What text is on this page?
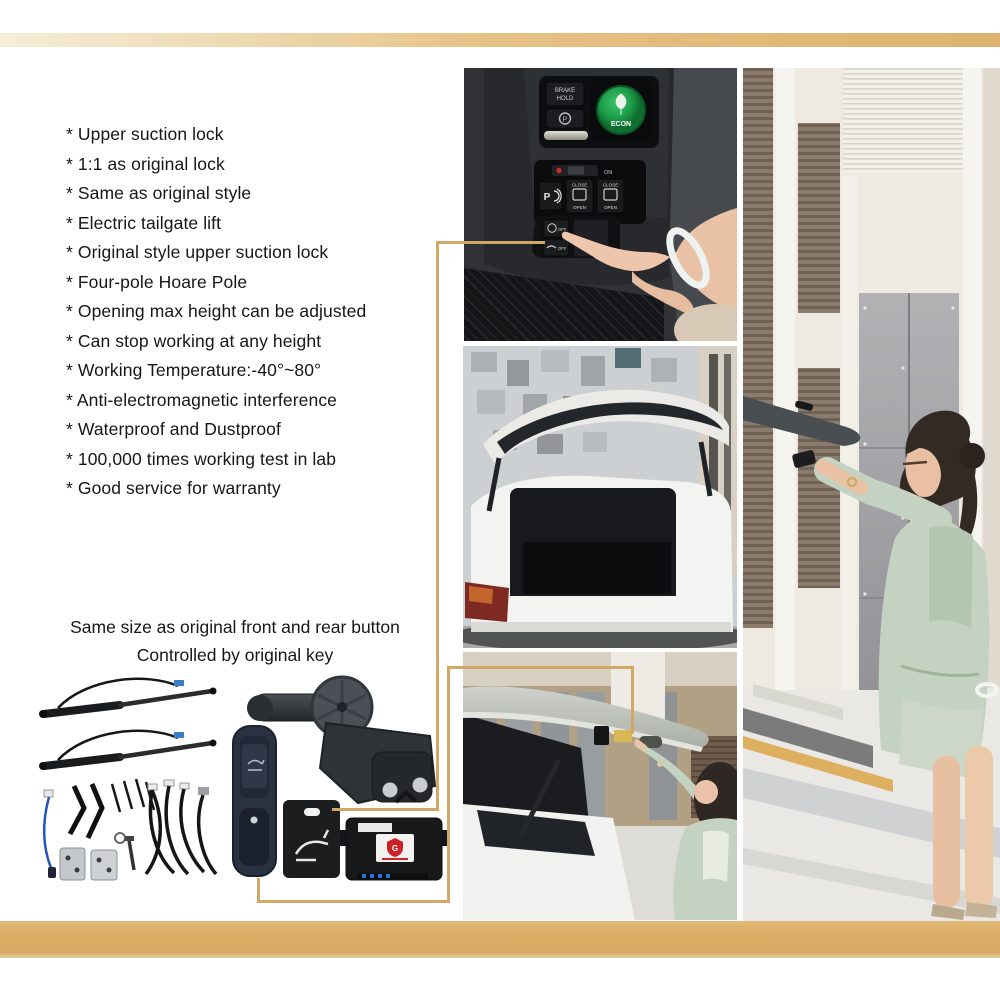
* Upper suction lock
* 1:1 as original lock
* Same as original style
* Electric tailgate lift
* Original style upper suction lock
* Four-pole Hoare Pole
* Opening max height can be adjusted
* Can stop working at any height
* Working Temperature:-40°~80°
* Anti-electromagnetic interference
* Waterproof and Dustproof
* 100,000 times working test in lab
* Good service for warranty
Same size as original front and rear button
Controlled by original key
BRAKE
HOLD
P
ECON
ON
P
CLOSE
OPEN
CLOSE
OPEN
OFF
OFF
G
